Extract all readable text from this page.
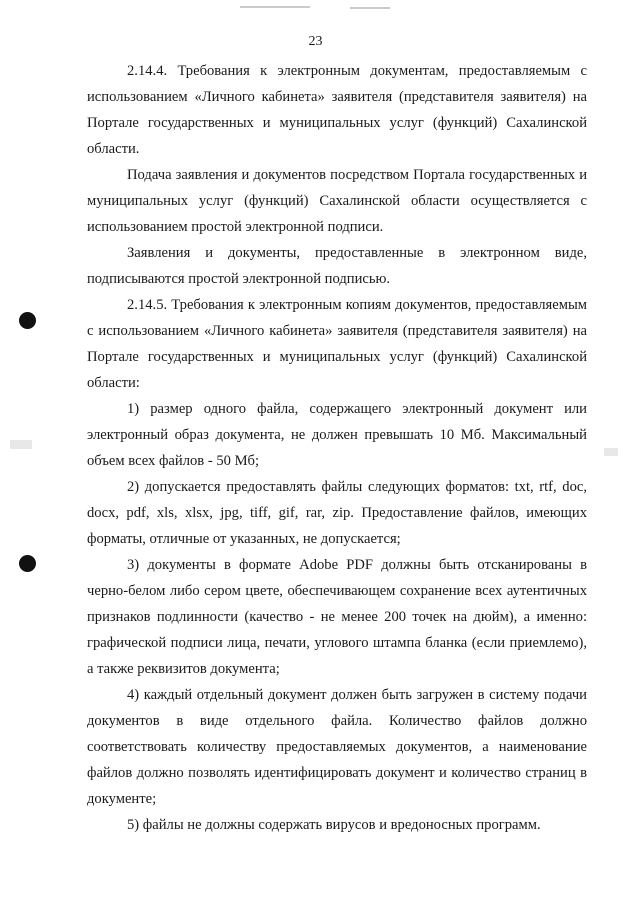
23

2.14.4. Требования к электронным документам, предоставляемым с использованием «Личного кабинета» заявителя (представителя заявителя) на Портале государственных и муниципальных услуг (функций) Сахалинской области.

Подача заявления и документов посредством Портала государственных и муниципальных услуг (функций) Сахалинской области осуществляется с использованием простой электронной подписи.

Заявления и документы, предоставленные в электронном виде, подписываются простой электронной подписью.

2.14.5. Требования к электронным копиям документов, предоставляемым с использованием «Личного кабинета» заявителя (представителя заявителя) на Портале государственных и муниципальных услуг (функций) Сахалинской области:

1) размер одного файла, содержащего электронный документ или электронный образ документа, не должен превышать 10 Мб. Максимальный объем всех файлов - 50 Мб;

2) допускается предоставлять файлы следующих форматов: txt, rtf, doc, docx, pdf, xls, xlsx, jpg, tiff, gif, rar, zip. Предоставление файлов, имеющих форматы, отличные от указанных, не допускается;

3) документы в формате Adobe PDF должны быть отсканированы в черно-белом либо сером цвете, обеспечивающем сохранение всех аутентичных признаков подлинности (качество - не менее 200 точек на дюйм), а именно: графической подписи лица, печати, углового штампа бланка (если приемлемо), а также реквизитов документа;

4) каждый отдельный документ должен быть загружен в систему подачи документов в виде отдельного файла. Количество файлов должно соответствовать количеству предоставляемых документов, а наименование файлов должно позволять идентифицировать документ и количество страниц в документе;

5) файлы не должны содержать вирусов и вредоносных программ.
